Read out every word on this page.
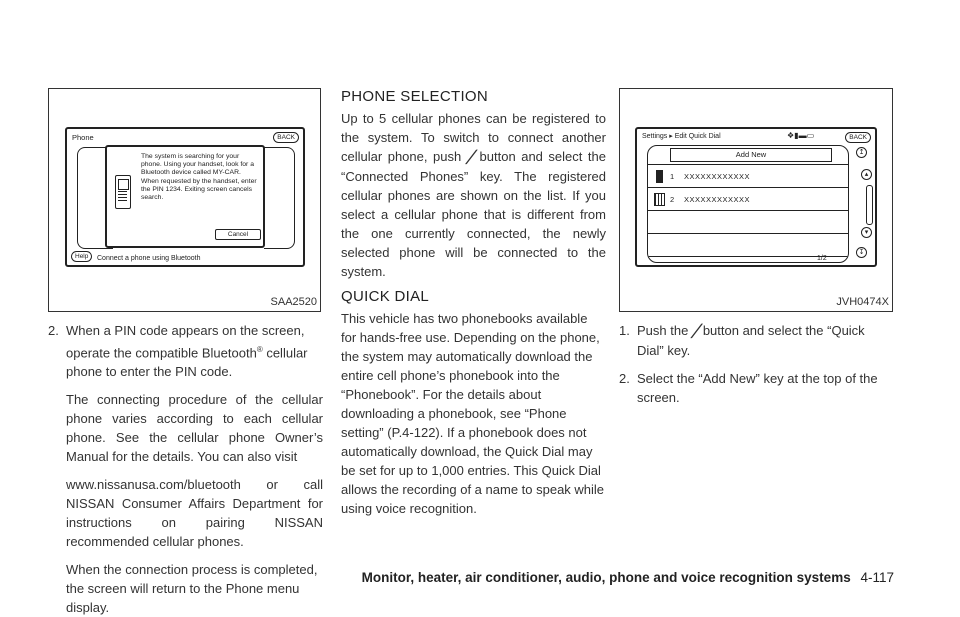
Phone	BACK
The system is searching for your phone. Using your handset, look for a Bluetooth device called MY-CAR. When requested by the handset, enter the PIN 1234. Exiting screen cancels search.
Cancel
Help	Connect a phone using Bluetooth
SAA2520
2. When a PIN code appears on the screen, operate the compatible Bluetooth® cellular phone to enter the PIN code.

The connecting procedure of the cellular phone varies according to each cellular phone. See the cellular phone Owner’s Manual for the details. You can also visit

www.nissanusa.com/bluetooth or call NISSAN Consumer Affairs Department for instructions on pairing NISSAN recommended cellular phones.

When the connection process is completed, the screen will return to the Phone menu display.

PHONE SELECTION

Up to 5 cellular phones can be registered to the system. To switch to connect another cellular phone, push ╱ button and select the “Connected Phones” key. The registered cellular phones are shown on the list. If you select a cellular phone that is different from the one currently connected, the newly selected phone will be connected to the system.

QUICK DIAL

This vehicle has two phonebooks available for hands-free use. Depending on the phone, the system may automatically download the entire cell phone’s phonebook into the “Phonebook”. For the details about downloading a phonebook, see “Phone setting” (P.4-122). If a phonebook does not automatically download, the Quick Dial may be set for up to 1,000 entries. This Quick Dial allows the recording of a name to speak while using voice recognition.

Settings ▸ Edit Quick Dial	❖▮▬▭	BACK
Add New
1 XXXXXXXXXXXX
2 XXXXXXXXXXXX
1/2
↥
▴
▾
↧
JVH0474X
1. Push the ╱ button and select the “Quick Dial” key.

2. Select the “Add New” key at the top of the screen.

Monitor, heater, air conditioner, audio, phone and voice recognition systems 4-117
